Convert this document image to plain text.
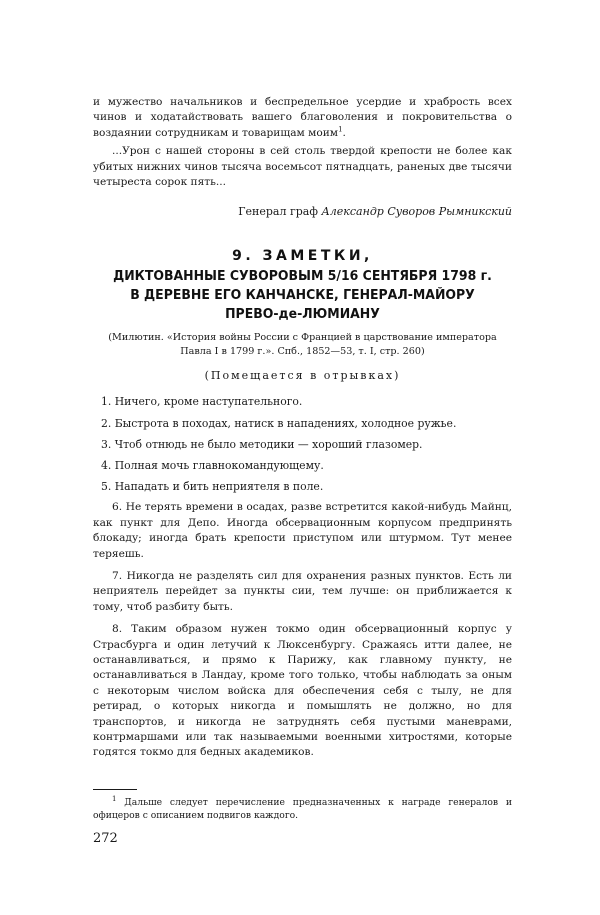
и мужество начальников и беспредельное усердие и храбрость всех чинов и ходатайствовать вашего благоволения и покровительства о воздаянии сотрудникам и товарищам моим$^1$.

...Урон с нашей стороны в сей столь твердой крепости не более как убитых нижних чинов тысяча восемьсот пятнадцать, раненых две тысячи четыреста сорок пять...

Генерал граф Александр Суворов Рымникский
9. ЗАМЕТКИ,
ДИКТОВАННЫЕ СУВОРОВЫМ 5/16 СЕНТЯБРЯ 1798 г.
В ДЕРЕВНЕ ЕГО КАНЧАНСКЕ, ГЕНЕРАЛ-МАЙОРУ
ПРЕВО-де-ЛЮМИАНУ
(Милютин. «История войны России с Францией в царствование императора
Павла I в 1799 г.». Спб., 1852—53, т. I, стр. 260)
(Помещается в отрывках)
1. Ничего, кроме наступательного.
2. Быстрота в походах, натиск в нападениях, холодное ружье.
3. Чтоб отнюдь не было методики — хороший глазомер.
4. Полная мочь главнокомандующему.
5. Нападать и бить неприятеля в поле.

6. Не терять времени в осадах, разве встретится какой-нибудь Майнц, как пункт для Депо. Иногда обсервационным корпусом предпринять блокаду; иногда брать крепости приступом или штурмом. Тут менее теряешь.

7. Никогда не разделять сил для охранения разных пунктов. Есть ли неприятель перейдет за пункты сии, тем лучше: он приближается к тому, чтоб разбиту быть.

8. Таким образом нужен токмо один обсервационный корпус у Страсбурга и один летучий к Люксенбургу. Сражаясь итти далее, не останавливаться, и прямо к Парижу, как главному пункту, не останавливаться в Ландау, кроме того только, чтобы наблюдать за оным с некоторым числом войска для обеспечения себя с тылу, не для ретирад, о которых никогда и помышлять не должно, но для транспортов, и никогда не затруднять себя пустыми маневрами, контрмаршами или так называемыми военными хитростями, которые годятся токмо для бедных академиков.

$^1$ Дальше следует перечисление предназначенных к награде генералов и офицеров с описанием подвигов каждого.

272
